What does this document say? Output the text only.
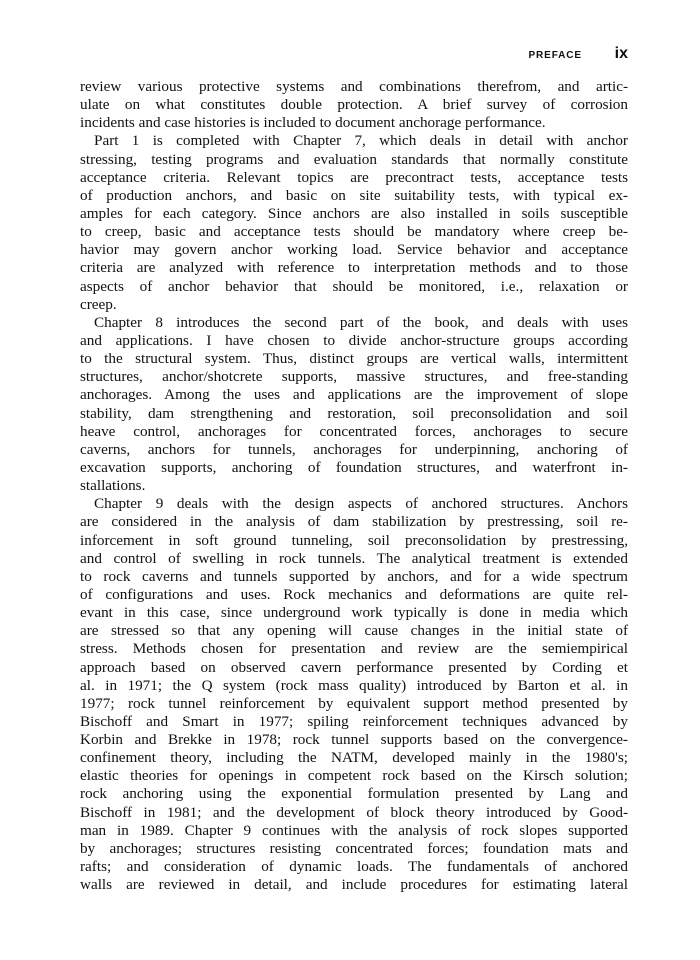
PREFACE ix
review various protective systems and combinations therefrom, and artic-
ulate on what constitutes double protection. A brief survey of corrosion
incidents and case histories is included to document anchorage performance.
Part 1 is completed with Chapter 7, which deals in detail with anchor
stressing, testing programs and evaluation standards that normally constitute
acceptance criteria. Relevant topics are precontract tests, acceptance tests
of production anchors, and basic on site suitability tests, with typical ex-
amples for each category. Since anchors are also installed in soils susceptible
to creep, basic and acceptance tests should be mandatory where creep be-
havior may govern anchor working load. Service behavior and acceptance
criteria are analyzed with reference to interpretation methods and to those
aspects of anchor behavior that should be monitored, i.e., relaxation or
creep.
Chapter 8 introduces the second part of the book, and deals with uses
and applications. I have chosen to divide anchor-structure groups according
to the structural system. Thus, distinct groups are vertical walls, intermittent
structures, anchor/shotcrete supports, massive structures, and free-standing
anchorages. Among the uses and applications are the improvement of slope
stability, dam strengthening and restoration, soil preconsolidation and soil
heave control, anchorages for concentrated forces, anchorages to secure
caverns, anchors for tunnels, anchorages for underpinning, anchoring of
excavation supports, anchoring of foundation structures, and waterfront in-
stallations.
Chapter 9 deals with the design aspects of anchored structures. Anchors
are considered in the analysis of dam stabilization by prestressing, soil re-
inforcement in soft ground tunneling, soil preconsolidation by prestressing,
and control of swelling in rock tunnels. The analytical treatment is extended
to rock caverns and tunnels supported by anchors, and for a wide spectrum
of configurations and uses. Rock mechanics and deformations are quite rel-
evant in this case, since underground work typically is done in media which
are stressed so that any opening will cause changes in the initial state of
stress. Methods chosen for presentation and review are the semiempirical
approach based on observed cavern performance presented by Cording et
al. in 1971; the Q system (rock mass quality) introduced by Barton et al. in
1977; rock tunnel reinforcement by equivalent support method presented by
Bischoff and Smart in 1977; spiling reinforcement techniques advanced by
Korbin and Brekke in 1978; rock tunnel supports based on the convergence-
confinement theory, including the NATM, developed mainly in the 1980's;
elastic theories for openings in competent rock based on the Kirsch solution;
rock anchoring using the exponential formulation presented by Lang and
Bischoff in 1981; and the development of block theory introduced by Good-
man in 1989. Chapter 9 continues with the analysis of rock slopes supported
by anchorages; structures resisting concentrated forces; foundation mats and
rafts; and consideration of dynamic loads. The fundamentals of anchored
walls are reviewed in detail, and include procedures for estimating lateral
